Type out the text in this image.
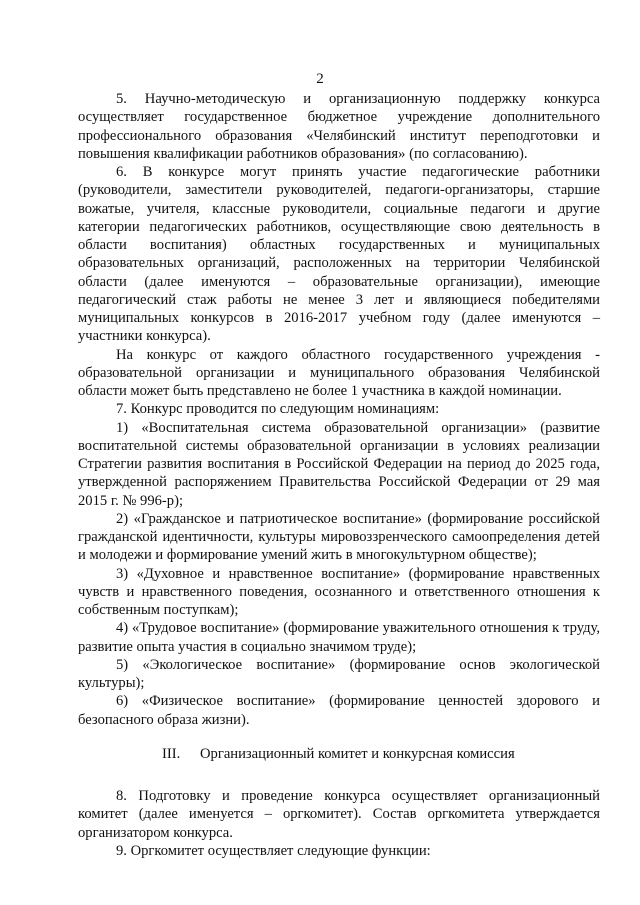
2

5. Научно-методическую и организационную поддержку конкурса осуществляет государственное бюджетное учреждение дополнительного профессионального образования «Челябинский институт переподготовки и повышения квалификации работников образования» (по согласованию).

6. В конкурсе могут принять участие педагогические работники (руководители, заместители руководителей, педагоги-организаторы, старшие вожатые, учителя, классные руководители, социальные педагоги и другие категории педагогических работников, осуществляющие свою деятельность в области воспитания) областных государственных и муниципальных образовательных организаций, расположенных на территории Челябинской области (далее именуются – образовательные организации), имеющие педагогический стаж работы не менее 3 лет и являющиеся победителями муниципальных конкурсов в 2016-2017 учебном году (далее именуются – участники конкурса).

На конкурс от каждого областного государственного учреждения - образовательной организации и муниципального образования Челябинской области может быть представлено не более 1 участника в каждой номинации.

7. Конкурс проводится по следующим номинациям:

1) «Воспитательная система образовательной организации» (развитие воспитательной системы образовательной организации в условиях реализации Стратегии развития воспитания в Российской Федерации на период до 2025 года, утвержденной распоряжением Правительства Российской Федерации от 29 мая 2015 г. № 996-р);

2) «Гражданское и патриотическое воспитание» (формирование российской гражданской идентичности, культуры мировоззренческого самоопределения детей и молодежи и формирование умений жить в многокультурном обществе);

3) «Духовное и нравственное воспитание» (формирование нравственных чувств и нравственного поведения, осознанного и ответственного отношения к собственным поступкам);

4) «Трудовое воспитание» (формирование уважительного отношения к труду, развитие опыта участия в социально значимом труде);

5) «Экологическое воспитание» (формирование основ экологической культуры);

6) «Физическое воспитание» (формирование ценностей здорового и безопасного образа жизни).

III. Организационный комитет и конкурсная комиссия

8. Подготовку и проведение конкурса осуществляет организационный комитет (далее именуется – оргкомитет). Состав оргкомитета утверждается организатором конкурса.

9. Оргкомитет осуществляет следующие функции:
